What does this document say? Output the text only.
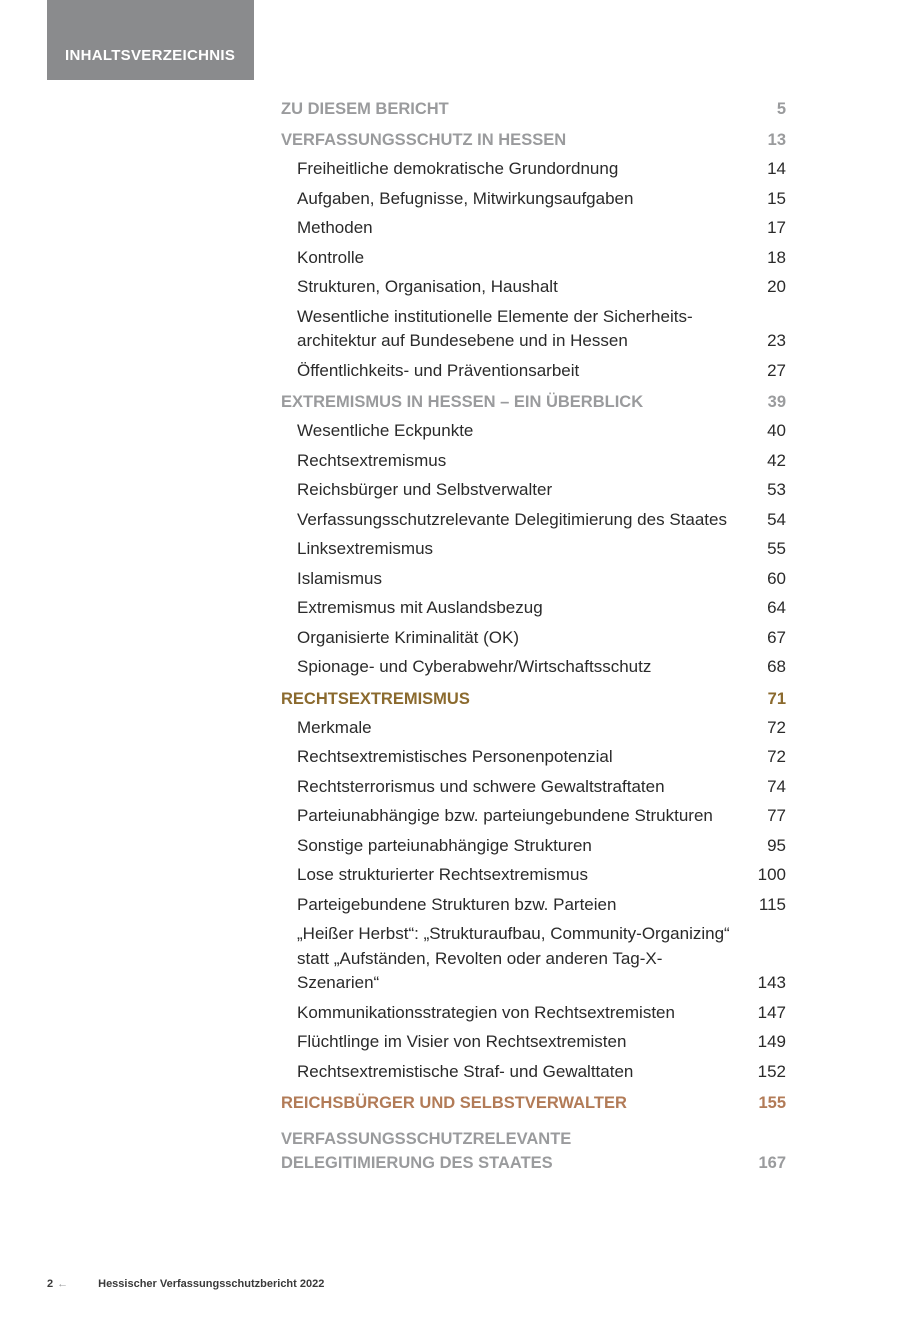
INHALTSVERZEICHNIS
ZU DIESEM BERICHT	5
VERFASSUNGSSCHUTZ IN HESSEN	13
Freiheitliche demokratische Grundordnung	14
Aufgaben, Befugnisse, Mitwirkungsaufgaben	15
Methoden	17
Kontrolle	18
Strukturen, Organisation, Haushalt	20
Wesentliche institutionelle Elemente der Sicherheits- architektur auf Bundesebene und in Hessen	23
Öffentlichkeits- und Präventionsarbeit	27
EXTREMISMUS IN HESSEN – EIN ÜBERBLICK	39
Wesentliche Eckpunkte	40
Rechtsextremismus	42
Reichsbürger und Selbstverwalter	53
Verfassungsschutzrelevante Delegitimierung des Staates	54
Linksextremismus	55
Islamismus	60
Extremismus mit Auslandsbezug	64
Organisierte Kriminalität (OK)	67
Spionage- und Cyberabwehr/Wirtschaftsschutz	68
RECHTSEXTREMISMUS	71
Merkmale	72
Rechtsextremistisches Personenpotenzial	72
Rechtsterrorismus und schwere Gewaltstraftaten	74
Parteiunabhängige bzw. parteiungebundene Strukturen	77
Sonstige parteiunabhängige Strukturen	95
Lose strukturierter Rechtsextremismus	100
Parteigebundene Strukturen bzw. Parteien	115
„Heißer Herbst“: „Strukturaufbau, Community-Organizing“ statt „Aufständen, Revolten oder anderen Tag-X-Szenarien“	143
Kommunikationsstrategien von Rechtsextremisten	147
Flüchtlinge im Visier von Rechtsextremisten	149
Rechtsextremistische Straf- und Gewalttaten	152
REICHSBÜRGER UND SELBSTVERWALTER	155
VERFASSUNGSSCHUTZRELEVANTE DELEGITIMIERUNG DES STAATES	167
2 ←	Hessischer Verfassungsschutzbericht 2022
